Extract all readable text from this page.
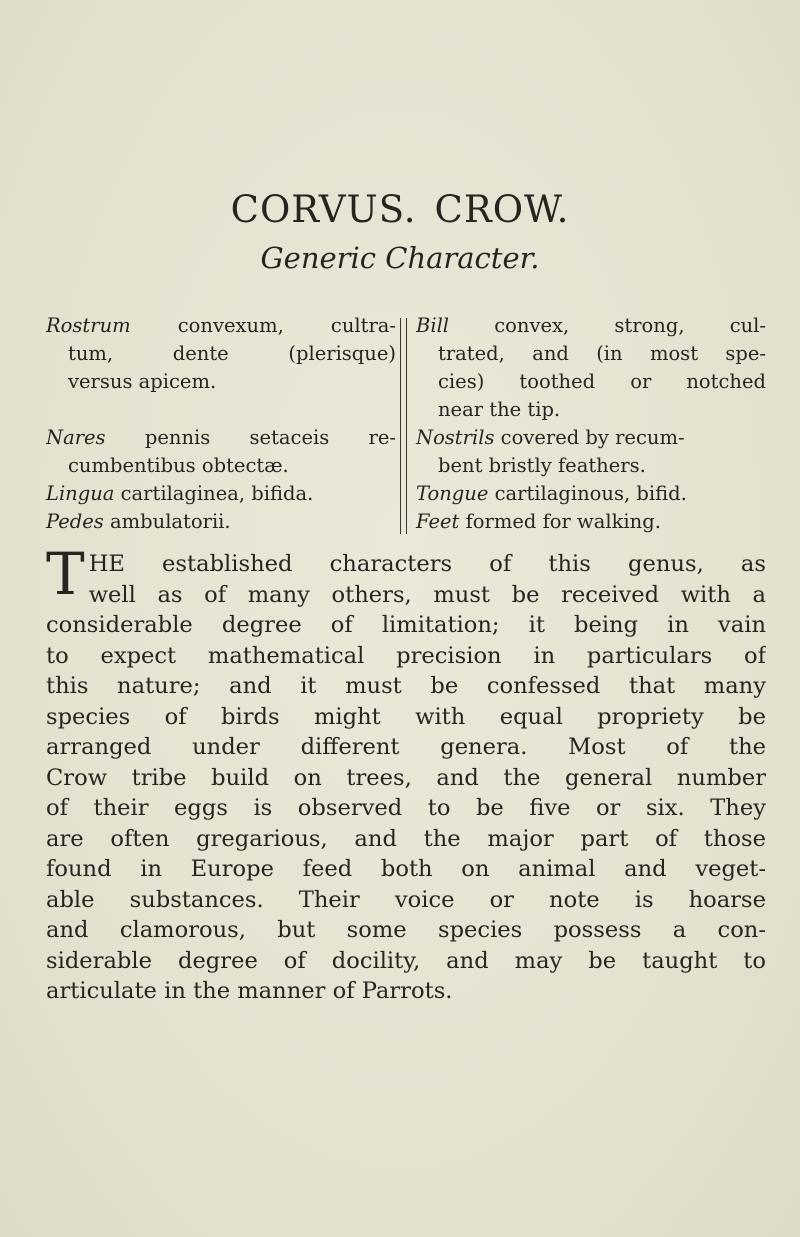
CORVUS. CROW.
Generic Character.
Rostrum convexum, cultra-
tum, dente (plerisque)
versus apicem.
Nares pennis setaceis re-
cumbentibus obtectæ.
Lingua cartilaginea, bifida.
Pedes ambulatorii.
Bill convex, strong, cul-
trated, and (in most spe-
cies) toothed or notched
near the tip.
Nostrils covered by recum-
bent bristly feathers.
Tongue cartilaginous, bifid.
Feet formed for walking.
T HE established characters of this genus, as
well as of many others, must be received with a
considerable degree of limitation; it being in vain
to expect mathematical precision in particulars of
this nature; and it must be confessed that many
species of birds might with equal propriety be
arranged under different genera. Most of the
Crow tribe build on trees, and the general number
of their eggs is observed to be five or six. They
are often gregarious, and the major part of those
found in Europe feed both on animal and veget-
able substances. Their voice or note is hoarse
and clamorous, but some species possess a con-
siderable degree of docility, and may be taught to
articulate in the manner of Parrots.
